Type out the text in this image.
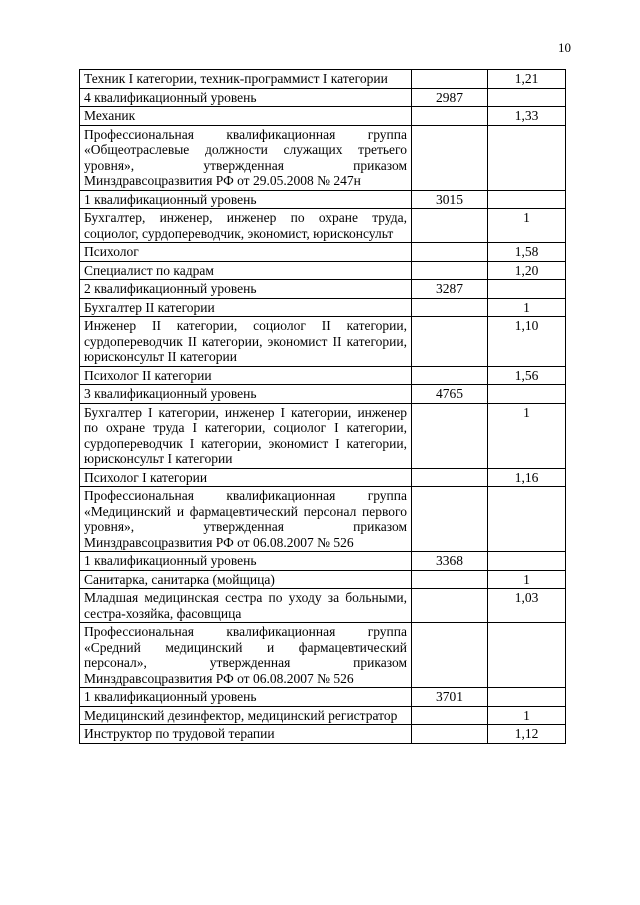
10
Техник I категории, техник-программист I категории		1,21
4 квалификационный уровень	2987	
Механик		1,33
Профессиональная квалификационная группа «Общеотраслевые должности служащих третьего уровня», утвержденная приказом Минздравсоцразвития РФ от 29.05.2008 № 247н		
1 квалификационный уровень	3015	
Бухгалтер, инженер, инженер по охране труда, социолог, сурдопереводчик, экономист, юрисконсульт		1
Психолог		1,58
Специалист по кадрам		1,20
2 квалификационный уровень	3287	
Бухгалтер II категории		1
Инженер II категории, социолог II категории, сурдопереводчик II категории, экономист II категории, юрисконсульт II категории		1,10
Психолог II категории		1,56
3 квалификационный уровень	4765	
Бухгалтер I категории, инженер I категории, инженер по охране труда I категории, социолог I категории, сурдопереводчик I категории, экономист I категории, юрисконсульт I категории		1
Психолог I категории		1,16
Профессиональная квалификационная группа «Медицинский и фармацевтический персонал первого уровня», утвержденная приказом Минздравсоцразвития РФ от 06.08.2007 № 526		
1 квалификационный уровень	3368	
Санитарка, санитарка (мойщица)		1
Младшая медицинская сестра по уходу за больными, сестра-хозяйка, фасовщица		1,03
Профессиональная квалификационная группа «Средний медицинский и фармацевтический персонал», утвержденная приказом Минздравсоцразвития РФ от 06.08.2007 № 526		
1 квалификационный уровень	3701	
Медицинский дезинфектор, медицинский регистратор		1
Инструктор по трудовой терапии		1,12
